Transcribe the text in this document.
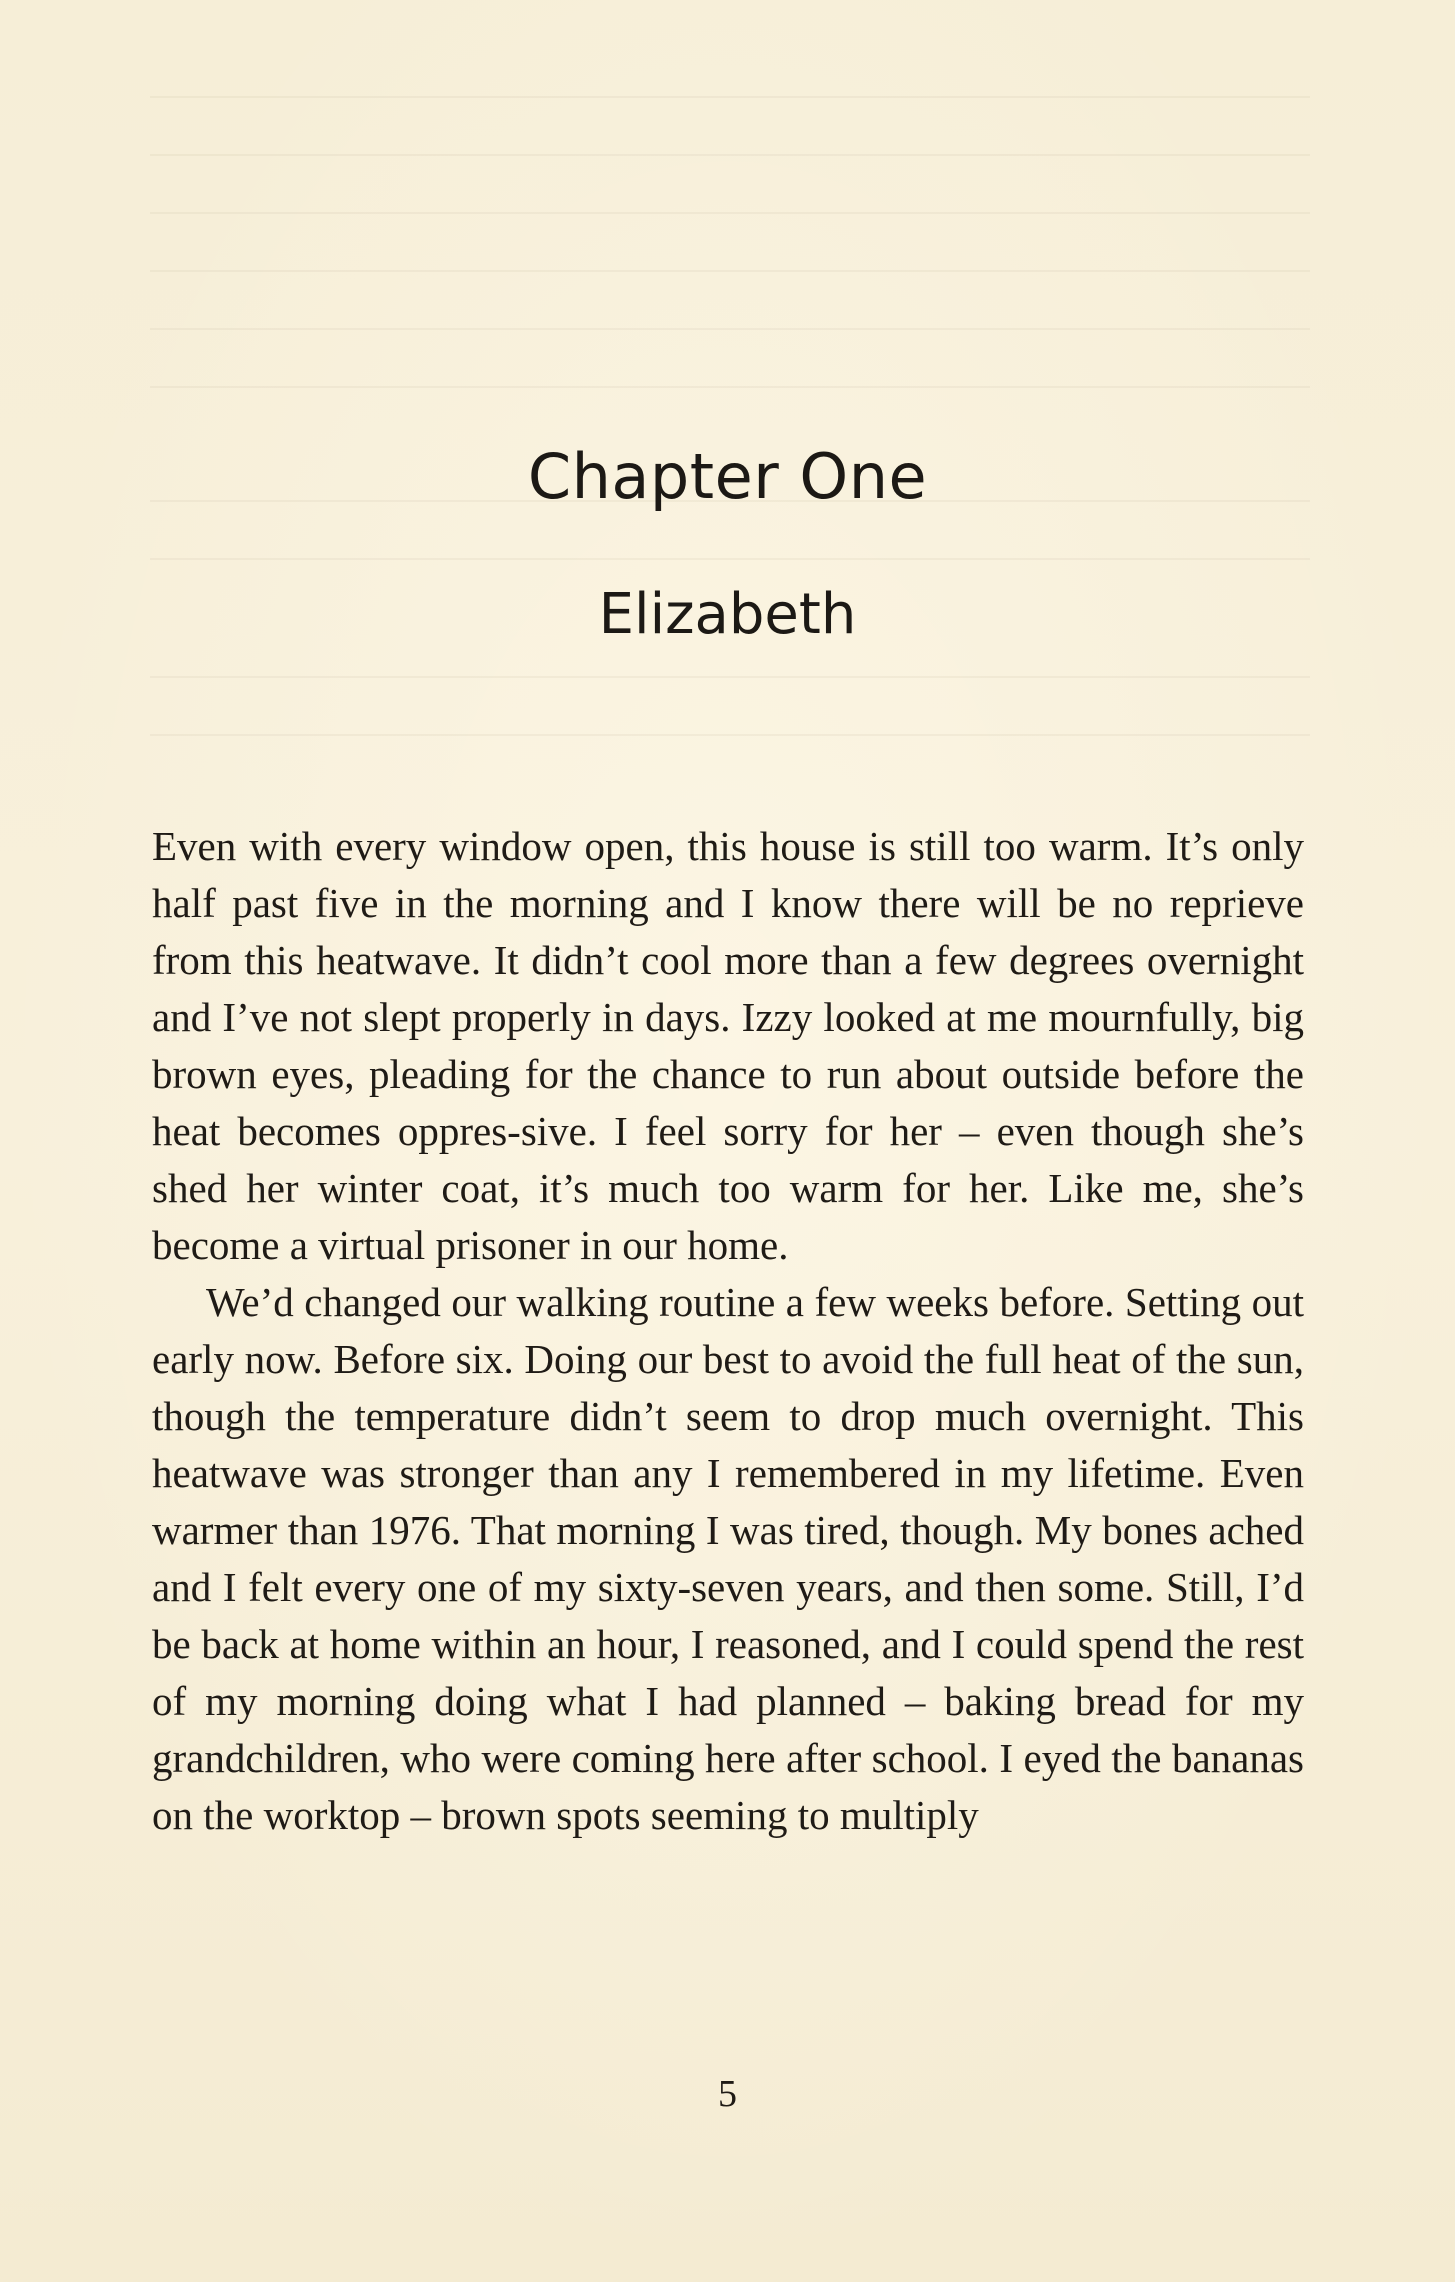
Chapter One
Elizabeth

Even with every window open, this house is still too warm. It’s only half past five in the morning and I know there will be no reprieve from this heatwave. It didn’t cool more than a few degrees overnight and I’ve not slept properly in days. Izzy looked at me mournfully, big brown eyes, pleading for the chance to run about outside before the heat becomes oppres-sive. I feel sorry for her – even though she’s shed her winter coat, it’s much too warm for her. Like me, she’s become a virtual prisoner in our home.

We’d changed our walking routine a few weeks before. Setting out early now. Before six. Doing our best to avoid the full heat of the sun, though the temperature didn’t seem to drop much overnight. This heatwave was stronger than any I remembered in my lifetime. Even warmer than 1976. That morning I was tired, though. My bones ached and I felt every one of my sixty-seven years, and then some. Still, I’d be back at home within an hour, I reasoned, and I could spend the rest of my morning doing what I had planned – baking bread for my grandchildren, who were coming here after school. I eyed the bananas on the worktop – brown spots seeming to multiply

5
